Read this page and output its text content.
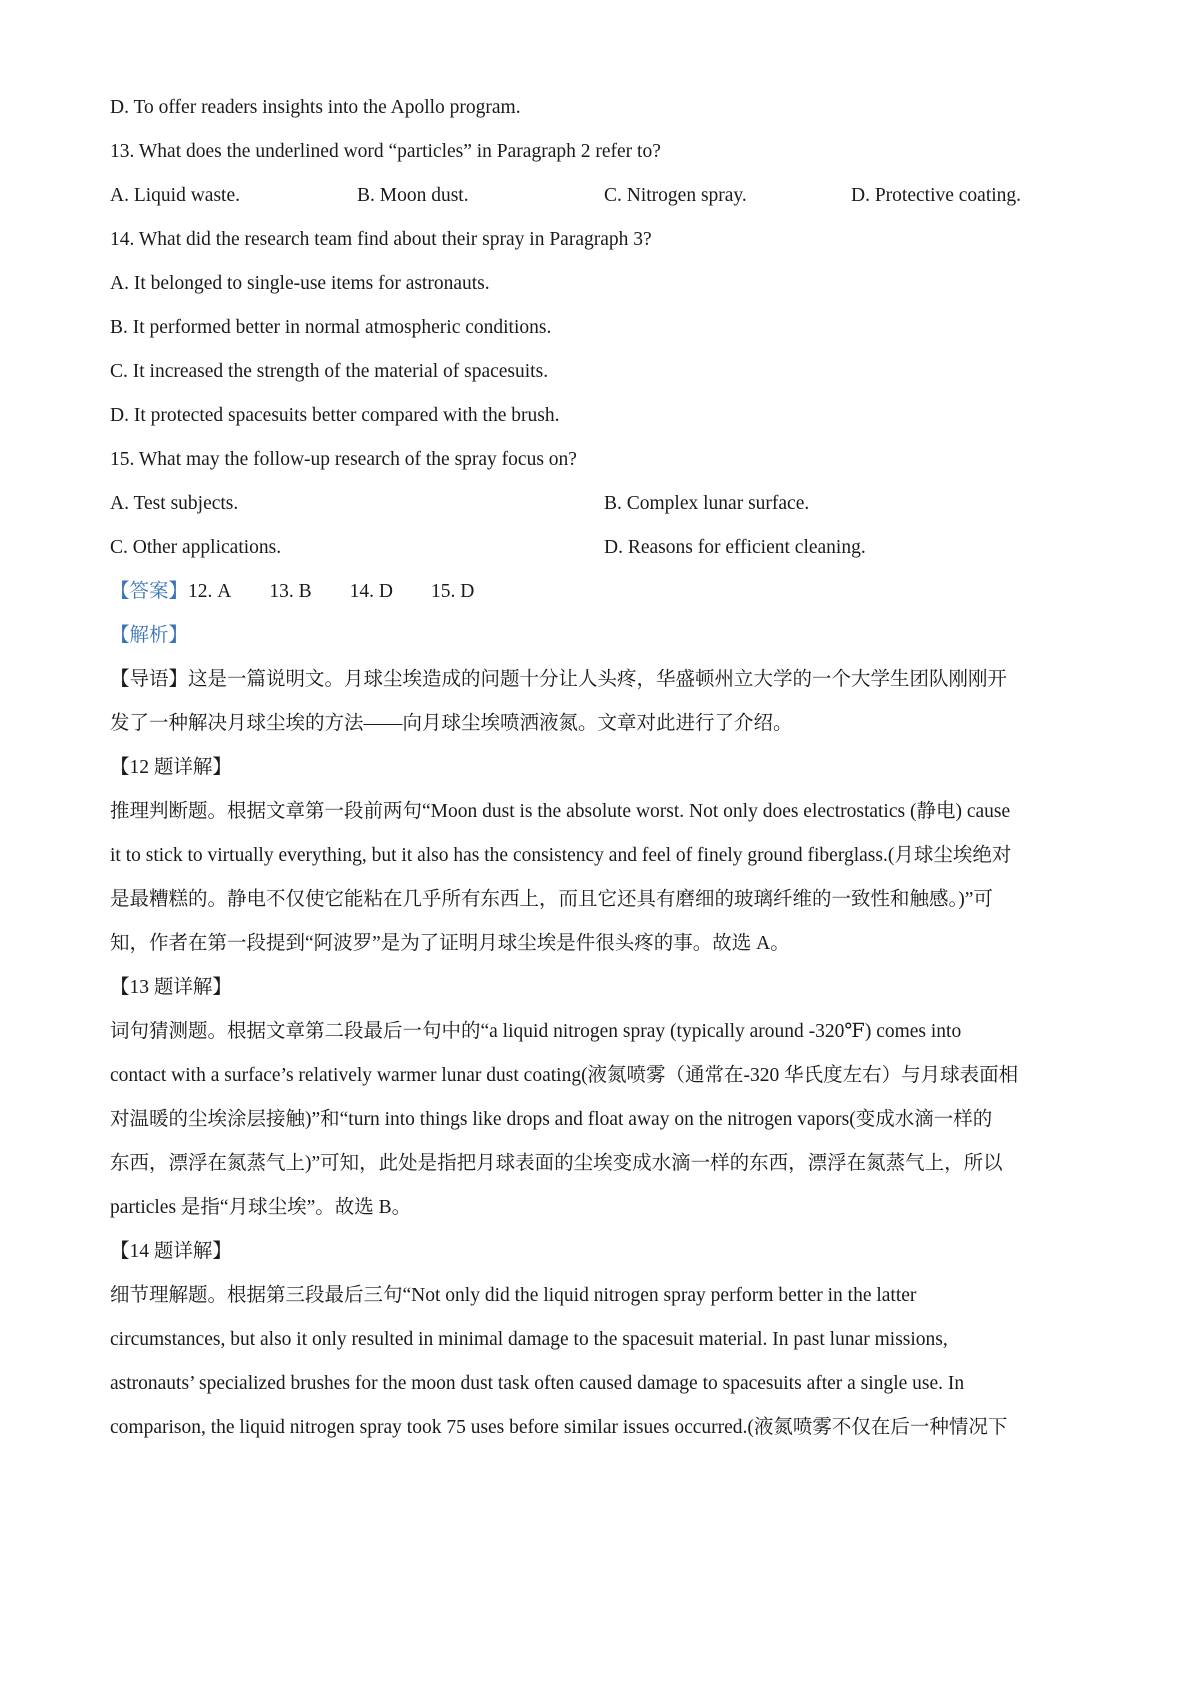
D. To offer readers insights into the Apollo program.
13. What does the underlined word “particles” in Paragraph 2 refer to?
A. Liquid waste.	B. Moon dust.	C. Nitrogen spray.	D. Protective coating.
14. What did the research team find about their spray in Paragraph 3?
A. It belonged to single-use items for astronauts.
B. It performed better in normal atmospheric conditions.
C. It increased the strength of the material of spacesuits.
D. It protected spacesuits better compared with the brush.
15. What may the follow-up research of the spray focus on?
A. Test subjects.	B. Complex lunar surface.
C. Other applications.	D. Reasons for efficient cleaning.
【答案】12. A 13. B 14. D 15. D
【解析】
【导语】这是一篇说明文。月球尘埃造成的问题十分让人头疼，华盛顿州立大学的一个大学生团队刚刚开
发了一种解决月球尘埃的方法——向月球尘埃喷洒液氮。文章对此进行了介绍。
【12 题详解】
推理判断题。根据文章第一段前两句“Moon dust is the absolute worst. Not only does electrostatics (静电) cause
it to stick to virtually everything, but it also has the consistency and feel of finely ground fiberglass.(月球尘埃绝对
是最糟糕的。静电不仅使它能粘在几乎所有东西上，而且它还具有磨细的玻璃纤维的一致性和触感。)”可
知，作者在第一段提到“阿波罗”是为了证明月球尘埃是件很头疼的事。故选 A。
【13 题详解】
词句猜测题。根据文章第二段最后一句中的“a liquid nitrogen spray (typically around -320℉) comes into
contact with a surface’s relatively warmer lunar dust coating(液氮喷雾（通常在-320 华氏度左右）与月球表面相
对温暖的尘埃涂层接触)”和“turn into things like drops and float away on the nitrogen vapors(变成水滴一样的
东西，漂浮在氮蒸气上)”可知，此处是指把月球表面的尘埃变成水滴一样的东西，漂浮在氮蒸气上，所以
particles 是指“月球尘埃”。故选 B。
【14 题详解】
细节理解题。根据第三段最后三句“Not only did the liquid nitrogen spray perform better in the latter
circumstances, but also it only resulted in minimal damage to the spacesuit material. In past lunar missions,
astronauts’ specialized brushes for the moon dust task often caused damage to spacesuits after a single use. In
comparison, the liquid nitrogen spray took 75 uses before similar issues occurred.(液氮喷雾不仅在后一种情况下
